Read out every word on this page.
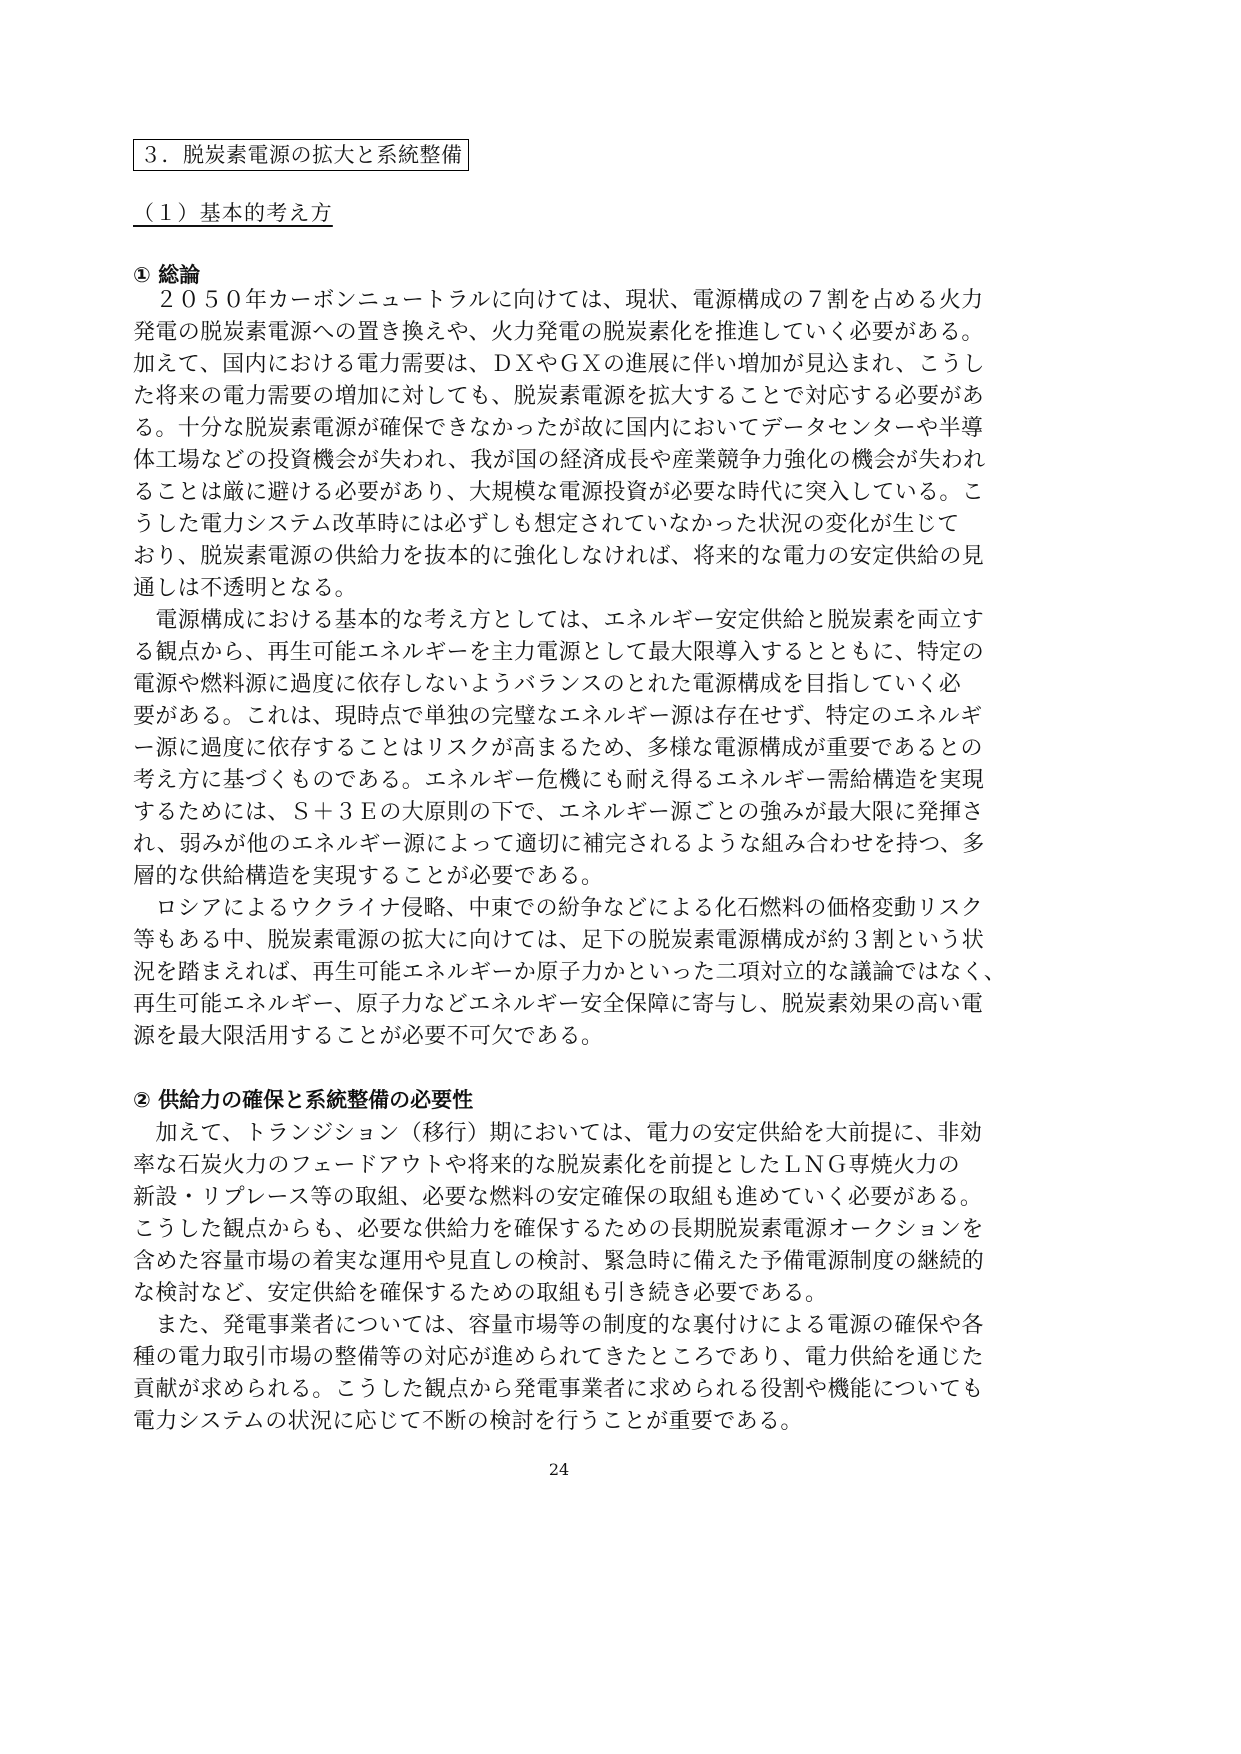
３．脱炭素電源の拡大と系統整備
（１）基本的考え方
① 総論
２０５０年カーボンニュートラルに向けては、現状、電源構成の７割を占める火力
発電の脱炭素電源への置き換えや、火力発電の脱炭素化を推進していく必要がある。
加えて、国内における電力需要は、ＤＸやＧＸの進展に伴い増加が見込まれ、こうし
た将来の電力需要の増加に対しても、脱炭素電源を拡大することで対応する必要があ
る。十分な脱炭素電源が確保できなかったが故に国内においてデータセンターや半導
体工場などの投資機会が失われ、我が国の経済成長や産業競争力強化の機会が失われ
ることは厳に避ける必要があり、大規模な電源投資が必要な時代に突入している。こ
うした電力システム改革時には必ずしも想定されていなかった状況の変化が生じて
おり、脱炭素電源の供給力を抜本的に強化しなければ、将来的な電力の安定供給の見
通しは不透明となる。
電源構成における基本的な考え方としては、エネルギー安定供給と脱炭素を両立す
る観点から、再生可能エネルギーを主力電源として最大限導入するとともに、特定の
電源や燃料源に過度に依存しないようバランスのとれた電源構成を目指していく必
要がある。これは、現時点で単独の完璧なエネルギー源は存在せず、特定のエネルギ
ー源に過度に依存することはリスクが高まるため、多様な電源構成が重要であるとの
考え方に基づくものである。エネルギー危機にも耐え得るエネルギー需給構造を実現
するためには、Ｓ＋３Ｅの大原則の下で、エネルギー源ごとの強みが最大限に発揮さ
れ、弱みが他のエネルギー源によって適切に補完されるような組み合わせを持つ、多
層的な供給構造を実現することが必要である。
ロシアによるウクライナ侵略、中東での紛争などによる化石燃料の価格変動リスク
等もある中、脱炭素電源の拡大に向けては、足下の脱炭素電源構成が約３割という状
況を踏まえれば、再生可能エネルギーか原子力かといった二項対立的な議論ではなく、
再生可能エネルギー、原子力などエネルギー安全保障に寄与し、脱炭素効果の高い電
源を最大限活用することが必要不可欠である。
② 供給力の確保と系統整備の必要性
加えて、トランジション（移行）期においては、電力の安定供給を大前提に、非効
率な石炭火力のフェードアウトや将来的な脱炭素化を前提としたＬＮＧ専焼火力の
新設・リプレース等の取組、必要な燃料の安定確保の取組も進めていく必要がある。
こうした観点からも、必要な供給力を確保するための長期脱炭素電源オークションを
含めた容量市場の着実な運用や見直しの検討、緊急時に備えた予備電源制度の継続的
な検討など、安定供給を確保するための取組も引き続き必要である。
また、発電事業者については、容量市場等の制度的な裏付けによる電源の確保や各
種の電力取引市場の整備等の対応が進められてきたところであり、電力供給を通じた
貢献が求められる。こうした観点から発電事業者に求められる役割や機能についても
電力システムの状況に応じて不断の検討を行うことが重要である。
24
